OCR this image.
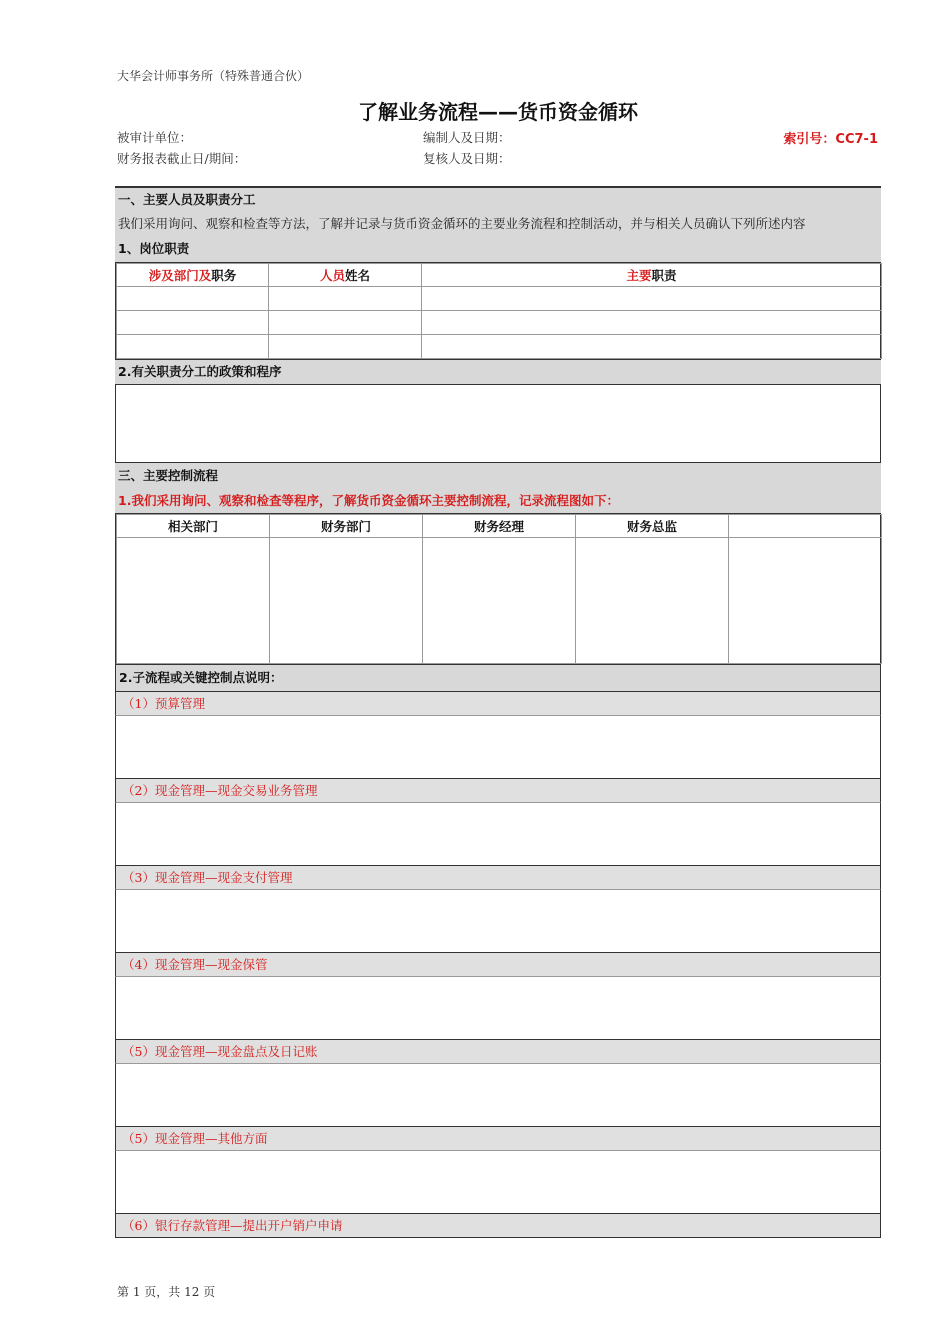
大华会计师事务所（特殊普通合伙）
了解业务流程——货币资金循环
被审计单位：
财务报表截止日/期间：
编制人及日期：
复核人及日期：
索引号：CC7-1
一、主要人员及职责分工
我们采用询问、观察和检查等方法，了解并记录与货币资金循环的主要业务流程和控制活动，并与相关人员确认下列所述内容
1、岗位职责
涉及部门及职务	人员姓名	主要职责

2.有关职责分工的政策和程序
三、主要控制流程
1.我们采用询问、观察和检查等程序，了解货币资金循环主要控制流程，记录流程图如下：
相关部门	财务部门	财务经理	财务总监	

2.子流程或关键控制点说明：
（1）预算管理
（2）现金管理—现金交易业务管理
（3）现金管理—现金支付管理
（4）现金管理—现金保管
（5）现金管理—现金盘点及日记账
（5）现金管理—其他方面
（6）银行存款管理—提出开户销户申请
第 1 页，共 12 页
